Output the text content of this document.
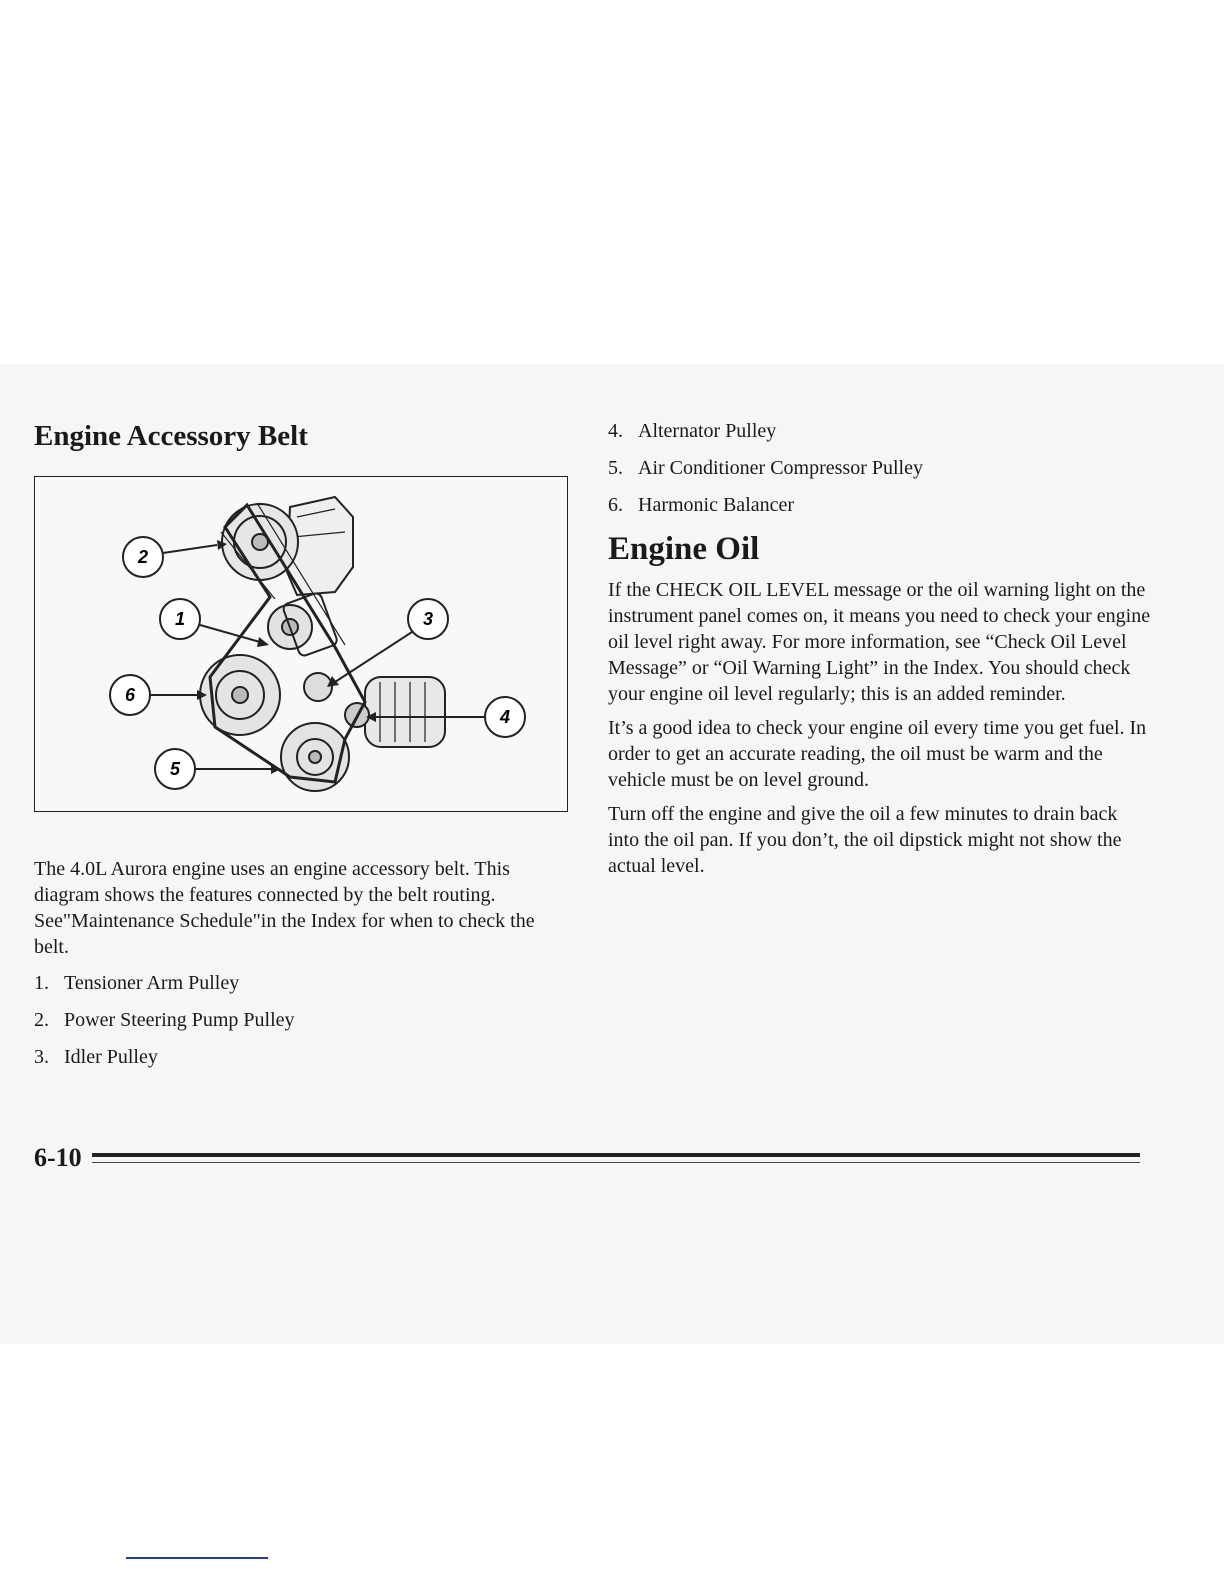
Engine Accessory Belt
2
1	3
6
4
5

The 4.0L Aurora engine uses an engine accessory belt. This diagram shows the features connected by the belt routing. See"Maintenance Schedule"in the Index for when to check the belt.

1. Tensioner Arm Pulley
2. Power Steering Pump Pulley
3. Idler Pulley
4. Alternator Pulley
5. Air Conditioner Compressor Pulley
6. Harmonic Balancer
Engine Oil

If the CHECK OIL LEVEL message or the oil warning light on the instrument panel comes on, it means you need to check your engine oil level right away. For more information, see “Check Oil Level Message” or “Oil Warning Light” in the Index. You should check your engine oil level regularly; this is an added reminder.

It’s a good idea to check your engine oil every time you get fuel. In order to get an accurate reading, the oil must be warm and the vehicle must be on level ground.

Turn off the engine and give the oil a few minutes to drain back into the oil pan. If you don’t, the oil dipstick might not show the actual level.

6-10
